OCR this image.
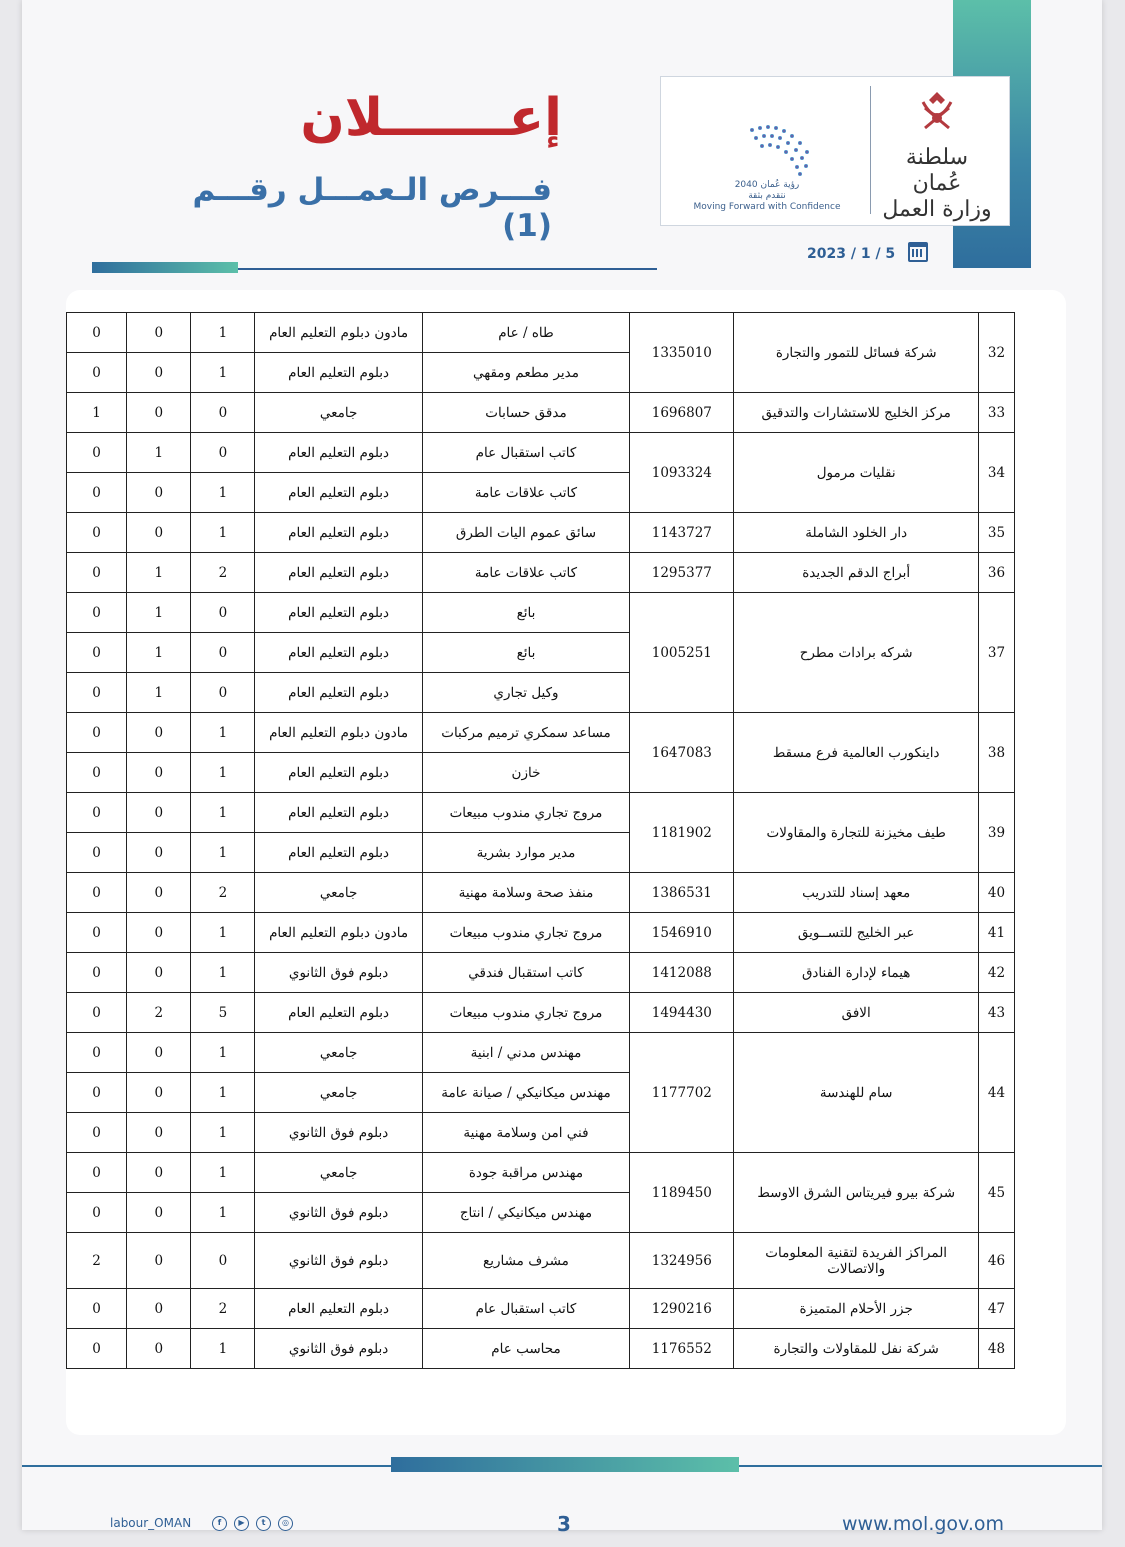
سلطنة عُمان
وزارة العمل
رؤية عُمان 2040
نتقدم بثقة
Moving Forward with Confidence
2023 / 1 / 5
إعـــــــلان
فـــرص الـعمـــل رقـــم (1)
3	www.mol.gov.om
labour_OMAN	f	▶	t	◎
32	شركة فسائل للتمور والتجارة	1335010	طاه / عام	مادون دبلوم التعليم العام	1	0	0
			مدير مطعم ومقهي	دبلوم التعليم العام	1	0	0
33	مركز الخليج للاستشارات والتدقيق	1696807	مدقق حسابات	جامعي	0	0	1
34	نقليات مرمول	1093324	كاتب استقبال عام	دبلوم التعليم العام	0	1	0
			كاتب علاقات عامة	دبلوم التعليم العام	1	0	0
35	دار الخلود الشاملة	1143727	سائق عموم اليات الطرق	دبلوم التعليم العام	1	0	0
36	أبراج الدقم الجديدة	1295377	كاتب علاقات عامة	دبلوم التعليم العام	2	1	0
37	شركه برادات مطرح	1005251	بائع	دبلوم التعليم العام	0	1	0
			بائع	دبلوم التعليم العام	0	1	0
			وكيل تجاري	دبلوم التعليم العام	0	1	0
38	داينكورب العالمية فرع مسقط	1647083	مساعد سمكري ترميم مركبات	مادون دبلوم التعليم العام	1	0	0
			خازن	دبلوم التعليم العام	1	0	0
39	طيف مخيزنة للتجارة والمقاولات	1181902	مروج تجاري مندوب مبيعات	دبلوم التعليم العام	1	0	0
			مدير موارد بشرية	دبلوم التعليم العام	1	0	0
40	معهد إسناد للتدريب	1386531	منفذ صحة وسلامة مهنية	جامعي	2	0	0
41	عبر الخليج للتســويق	1546910	مروج تجاري مندوب مبيعات	مادون دبلوم التعليم العام	1	0	0
42	هيماء لإدارة الفنادق	1412088	كاتب استقبال فندقي	دبلوم فوق الثانوي	1	0	0
43	الافق	1494430	مروج تجاري مندوب مبيعات	دبلوم التعليم العام	5	2	0
44	سام للهندسة	1177702	مهندس مدني / ابنية	جامعي	1	0	0
			مهندس ميكانيكي / صيانة عامة	جامعي	1	0	0
			فني امن وسلامة مهنية	دبلوم فوق الثانوي	1	0	0
45	شركة بيرو فيريتاس الشرق الاوسط	1189450	مهندس مراقبة جودة	جامعي	1	0	0
			مهندس ميكانيكي / انتاج	دبلوم فوق الثانوي	1	0	0
46	المراكز الفريدة لتقنية المعلومات والاتصالات	1324956	مشرف مشاريع	دبلوم فوق الثانوي	0	0	2
47	جزر الأحلام المتميزة	1290216	كاتب استقبال عام	دبلوم التعليم العام	2	0	0
48	شركة نفل للمقاولات والتجارة	1176552	محاسب عام	دبلوم فوق الثانوي	1	0	0
